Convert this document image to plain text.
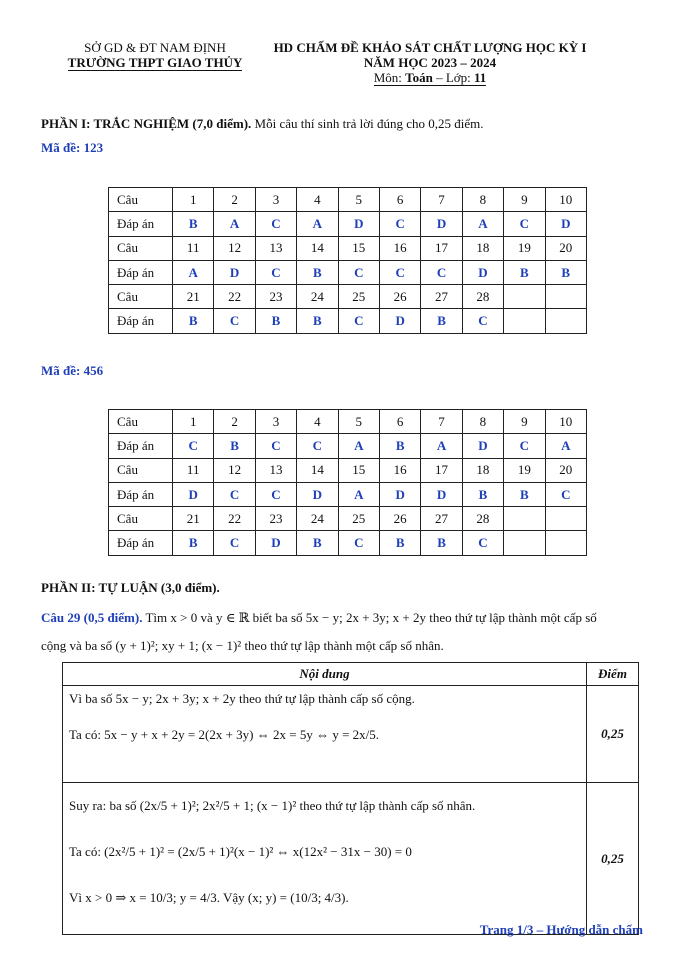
SỞ GD & ĐT NAM ĐỊNH
TRƯỜNG THPT GIAO THỦY
HD CHẤM ĐỀ KHẢO SÁT CHẤT LƯỢNG HỌC KỲ I
NĂM HỌC 2023 – 2024
Môn: Toán – Lớp: 11
PHẦN I: TRẮC NGHIỆM (7,0 điểm). Mỗi câu thí sinh trả lời đúng cho 0,25 điểm.
Mã đề: 123
Câu	1	2	3	4	5	6	7	8	9	10
Đáp án	B	A	C	A	D	C	D	A	C	D
Câu	11	12	13	14	15	16	17	18	19	20
Đáp án	A	D	C	B	C	C	C	D	B	B
Câu	21	22	23	24	25	26	27	28		
Đáp án	B	C	B	B	C	D	B	C		
Mã đề: 456
Câu	1	2	3	4	5	6	7	8	9	10
Đáp án	C	B	C	C	A	B	A	D	C	A
Câu	11	12	13	14	15	16	17	18	19	20
Đáp án	D	C	C	D	A	D	D	B	B	C
Câu	21	22	23	24	25	26	27	28		
Đáp án	B	C	D	B	C	B	B	C		
PHẦN II: TỰ LUẬN (3,0 điểm).
Câu 29 (0,5 điểm). Tìm x > 0 và y ∈ ℝ biết ba số 5x − y; 2x + 3y; x + 2y theo thứ tự lập thành một cấp số
cộng và ba số (y + 1)²; xy + 1; (x − 1)² theo thứ tự lập thành một cấp số nhân.
Nội dung	Điểm

Vì ba số 5x − y; 2x + 3y; x + 2y theo thứ tự lập thành cấp số cộng.
Ta có: 5x − y + x + 2y = 2(2x + 3y) ⇔ 2x = 5y ⇔ y = 2x/5.	0,25

Suy ra: ba số (2x/5 + 1)²; 2x²/5 + 1; (x − 1)² theo thứ tự lập thành cấp số nhân.
Ta có: (2x²/5 + 1)² = (2x/5 + 1)²(x − 1)² ⇔ x(12x² − 31x − 30) = 0
Vì x > 0 ⇒ x = 10/3; y = 4/3. Vậy (x; y) = (10/3; 4/3).	0,25
Trang 1/3 – Hướng dẫn chấm
